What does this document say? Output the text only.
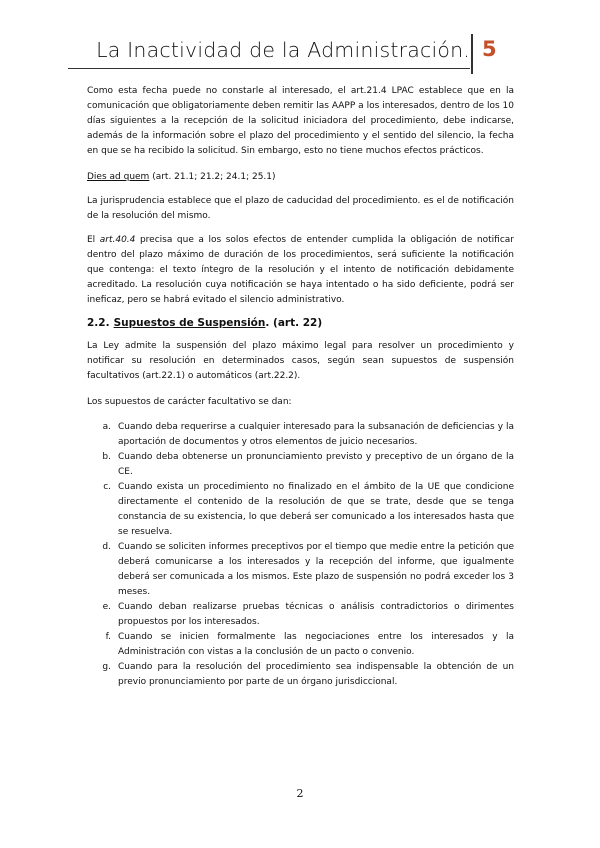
La Inactividad de la Administración. 5

Como esta fecha puede no constarle al interesado, el art.21.4 LPAC establece que en la comunicación que obligatoriamente deben remitir las AAPP a los interesados, dentro de los 10 días siguientes a la recepción de la solicitud iniciadora del procedimiento, debe indicarse, además de la información sobre el plazo del procedimiento y el sentido del silencio, la fecha en que se ha recibido la solicitud. Sin embargo, esto no tiene muchos efectos prácticos.

Dies ad quem (art. 21.1; 21.2; 24.1; 25.1)

La jurisprudencia establece que el plazo de caducidad del procedimiento. es el de notificación de la resolución del mismo.

El art.40.4 precisa que a los solos efectos de entender cumplida la obligación de notificar dentro del plazo máximo de duración de los procedimientos, será suficiente la notificación que contenga: el texto íntegro de la resolución y el intento de notificación debidamente acreditado. La resolución cuya notificación se haya intentado o ha sido deficiente, podrá ser ineficaz, pero se habrá evitado el silencio administrativo.

2.2. Supuestos de Suspensión. (art. 22)

La Ley admite la suspensión del plazo máximo legal para resolver un procedimiento y notificar su resolución en determinados casos, según sean supuestos de suspensión facultativos (art.22.1) o automáticos (art.22.2).

Los supuestos de carácter facultativo se dan:

a. Cuando deba requerirse a cualquier interesado para la subsanación de deficiencias y la aportación de documentos y otros elementos de juicio necesarios.
b. Cuando deba obtenerse un pronunciamiento previsto y preceptivo de un órgano de la CE.
c. Cuando exista un procedimiento no finalizado en el ámbito de la UE que condicione directamente el contenido de la resolución de que se trate, desde que se tenga constancia de su existencia, lo que deberá ser comunicado a los interesados hasta que se resuelva.
d. Cuando se soliciten informes preceptivos por el tiempo que medie entre la petición que deberá comunicarse a los interesados y la recepción del informe, que igualmente deberá ser comunicada a los mismos. Este plazo de suspensión no podrá exceder los 3 meses.
e. Cuando deban realizarse pruebas técnicas o análisis contradictorios o dirimentes propuestos por los interesados.
f. Cuando se inicien formalmente las negociaciones entre los interesados y la Administración con vistas a la conclusión de un pacto o convenio.
g. Cuando para la resolución del procedimiento sea indispensable la obtención de un previo pronunciamiento por parte de un órgano jurisdiccional.
2
